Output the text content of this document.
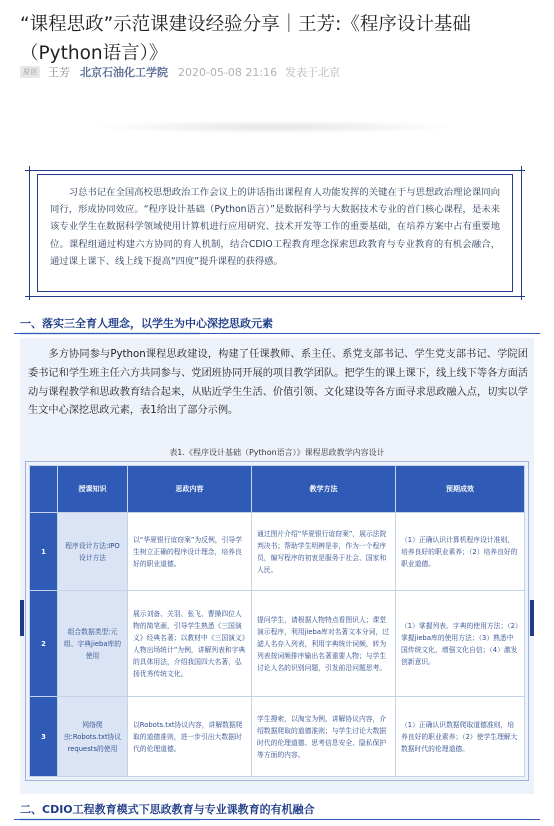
“课程思政”示范课建设经验分享｜王芳:《程序设计基础（Python语言）》
原创 王芳 北京石油化工学院 2020-05-08 21:16 发表于北京
习总书记在全国高校思想政治工作会议上的讲话指出课程育人功能发挥的关键在于与思想政治理论课同向同行，形成协同效应。“程序设计基础（Python语言）”是数据科学与大数据技术专业的首门核心课程，是未来该专业学生在数据科学领域使用计算机进行应用研究、技术开发等工作的重要基础，在培养方案中占有重要地位。课程组通过构建六方协同的育人机制，结合CDIO工程教育理念探索思政教育与专业教育的有机会融合，通过课上课下、线上线下提高“四度”提升课程的获得感。
一、落实三全育人理念，以学生为中心深挖思政元素

多方协同参与Python课程思政建设，构建了任课教师、系主任、系党支部书记、学生党支部书记、学院团委书记和学生班主任六方共同参与、党团班协同开展的项目教学团队。把学生的课上课下，线上线下等各方面活动与课程教学和思政教育结合起来，从贴近学生生活、价值引领、文化建设等各方面寻求思政融入点，切实以学生文中心深挖思政元素，表1给出了部分示例。

表1.《程序设计基础（Python语言）》课程思政教学内容设计
	授课知识	思政内容	教学方法	预期成效
1	程序设计方法:IPO设计方法	以“华夏银行谊窃案”为反例，引导学生树立正确的程序设计理念，培养良好的职业道德。	通过图片介绍“华夏银行谊窃案”，展示法院判决书；帮助学生明辨是非，作为一个程序员，编写程序的初衷是服务于社会、国家和人民。	（1）正确认识计算机程序设计准则，培养良好的职业素养；（2）培养良好的职业道德。
2	组合数据类型:元组、字典jieba库的使用	展示刘备、关羽、张飞、曹操四位人物的简笔画，引导学生熟悉《三国演义》经典名著；以教材中《三国演义》人物出场统计”为例，讲解列表和字典的具体用法，介绍我国四大名著，弘扬优秀传统文化。	提问学生，请根据人物特点看图识人；课堂演示程序，利用jieba库对名著文本分词，过滤人名存入列表，利用字典统计词频，转为列表按词频排序输出名著重要人物；与学生讨论人名的识别问题，引发前沿问题思考。	（1）掌握列表、字典的使用方法；（2）掌握jieba库的使用方法；（3）熟悉中国传统文化，增强文化自信；（4）激发创新意识。
3	网络爬虫:Robots.txt协议requests的使用	以Robots.txt协议内容，讲解数据爬取的道德准则，进一步引出大数据时代的伦理道德。	学生搜索，以淘宝为例，讲解协议内容，介绍数据爬取的道德准则；与学生讨论大数据时代的伦理道德、思考信息安全、隐私保护等方面的内容。	（1）正确认识数据爬取道德准则，培养良好的职业素养；（2）使学生理解大数据时代的伦理道德。
二、CDIO工程教育模式下思政教育与专业课教育的有机融合
